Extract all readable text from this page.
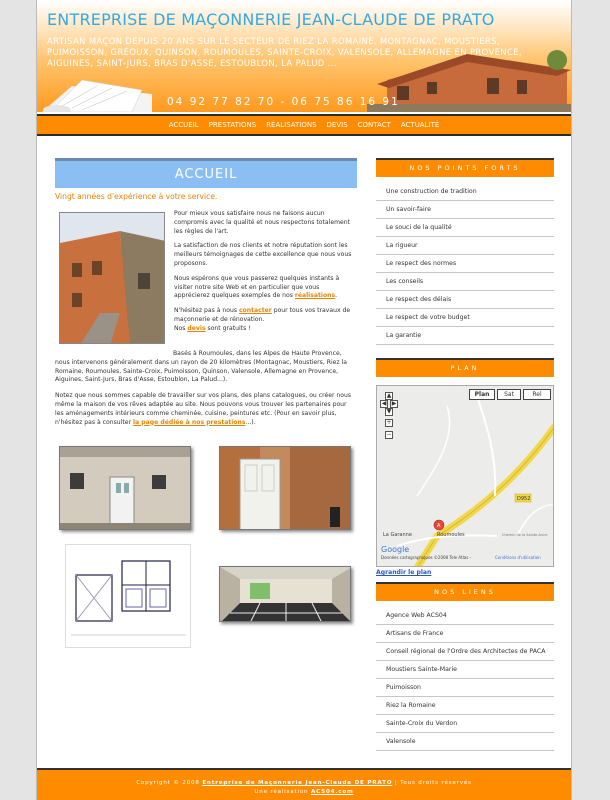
ENTREPRISE DE MAÇONNERIE JEAN-CLAUDE DE PRATO
ARTISAN MAÇON DEPUIS 20 ANS SUR LE SECTEUR DE RIEZ LA ROMAINE, MONTAGNAC, MOUSTIERS, PUIMOISSON, GRÉOUX, QUINSON, ROUMOULES, SAINTE-CROIX, VALENSOLE, ALLEMAGNE EN PROVENCE, AIGUINES, SAINT-JURS, BRAS D'ASSE, ESTOUBLON, LA PALUD ...
04 92 77 82 70 - 06 75 86 16 91
ACCUEIL PRESTATIONS RÉALISATIONS DEVIS CONTACT ACTUALITÉ
ACCUEIL
Vingt années d'expérience à votre service.

Pour mieux vous satisfaire nous ne faisons aucun compromis avec la qualité et nous respectons totalement les règles de l'art.

La satisfaction de nos clients et notre réputation sont les meilleurs témoignages de cette excellence que nous vous proposons.

Nous espérons que vous passerez quelques instants à visiter notre site Web et en particulier que vous apprécierez quelques exemples de nos réalisations.

N'hésitez pas à nous contacter pour tous vos travaux de maçonnerie et de rénovation.

Nos devis sont gratuits !

Basés à Roumoules, dans les Alpes de Haute Provence, nous intervenons généralement dans un rayon de 20 kilomètres (Montagnac, Moustiers, Riez la Romaine, Roumoules, Sainte-Croix, Puimoisson, Quinson, Valensole, Allemagne en Provence, Aiguines, Saint-Jurs, Bras d'Asse, Estoublon, La Palud...).

Notez que nous sommes capable de travailler sur vos plans, des plans catalogues, ou créer nous même la maison de vos rêves adaptée au site. Nous pouvons vous trouver les partenaires pour les aménagements intérieurs comme cheminée, cuisine, peintures etc. (Pour en savoir plus, n'hésitez pas à consulter la page dédiée à nos prestations...).

NOS POINTS FORTS
Une construction de tradition
Un savoir-faire
Le souci de la qualité
La rigueur
Le respect des normes
Les conseils
Le respect des délais
Le respect de votre budget
La garantie
PLAN
D952
A
La Garanne	Roumoules	Chemin de la Sainte-Anne
Google
Données cartographiques ©2008 Tele Atlas -	Conditions d'utilisation
▲
◀ ▶
▼
+
−
Plan	Sat	Rel
Agrandir le plan
NOS LIENS
Agence Web ACS04
Artisans de France
Conseil régional de l'Ordre des Architectes de PACA
Moustiers Sainte-Marie
Puimoisson
Riez la Romaine
Sainte-Croix du Verdon
Valensole
Copyright © 2008 Entreprise de Maçonnerie Jean-Claude DE PRATO | Tous droits réservés
Une réalisation ACS04.com
